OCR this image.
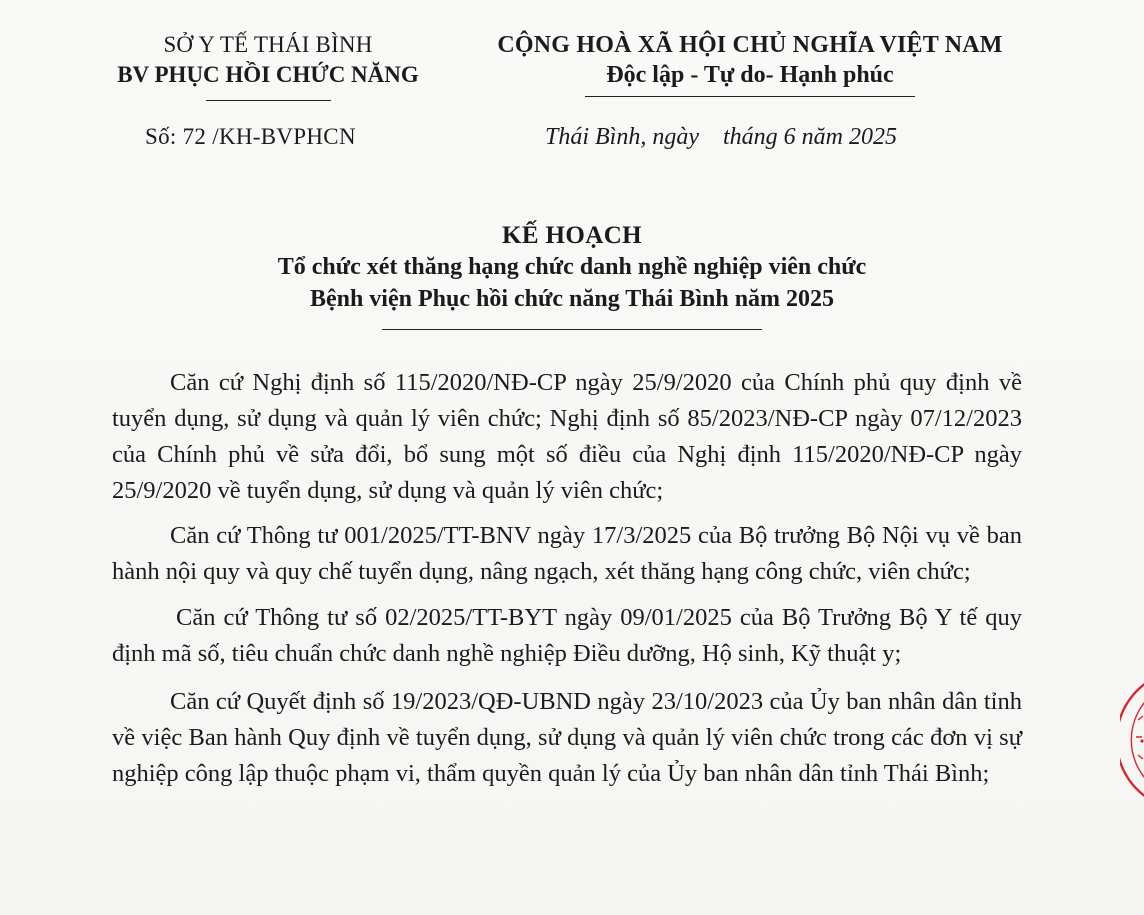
SỞ Y TẾ THÁI BÌNH
BV PHỤC HỒI CHỨC NĂNG
Số: 72 /KH-BVPHCN
CỘNG HOÀ XÃ HỘI CHỦ NGHĨA VIỆT NAM
Độc lập - Tự do- Hạnh phúc
Thái Bình, ngày    tháng 6 năm 2025
KẾ HOẠCH
Tổ chức xét thăng hạng chức danh nghề nghiệp viên chức
Bệnh viện Phục hồi chức năng Thái Bình năm 2025

Căn cứ Nghị định số 115/2020/NĐ-CP ngày 25/9/2020 của Chính phủ quy định về tuyển dụng, sử dụng và quản lý viên chức; Nghị định số 85/2023/NĐ-CP ngày 07/12/2023 của Chính phủ về sửa đổi, bổ sung một số điều của Nghị định 115/2020/NĐ-CP ngày 25/9/2020 về tuyển dụng, sử dụng và quản lý viên chức;

Căn cứ Thông tư 001/2025/TT-BNV ngày 17/3/2025 của Bộ trưởng Bộ Nội vụ về ban hành nội quy và quy chế tuyển dụng, nâng ngạch, xét thăng hạng công chức, viên chức;

Căn cứ Thông tư số 02/2025/TT-BYT ngày 09/01/2025 của Bộ Trưởng Bộ Y tế quy định mã số, tiêu chuẩn chức danh nghề nghiệp Điều dưỡng, Hộ sinh, Kỹ thuật y;

Căn cứ Quyết định số 19/2023/QĐ-UBND ngày 23/10/2023 của Ủy ban nhân dân tỉnh về việc Ban hành Quy định về tuyển dụng, sử dụng và quản lý viên chức trong các đơn vị sự nghiệp công lập thuộc phạm vi, thẩm quyền quản lý của Ủy ban nhân dân tỉnh Thái Bình;
